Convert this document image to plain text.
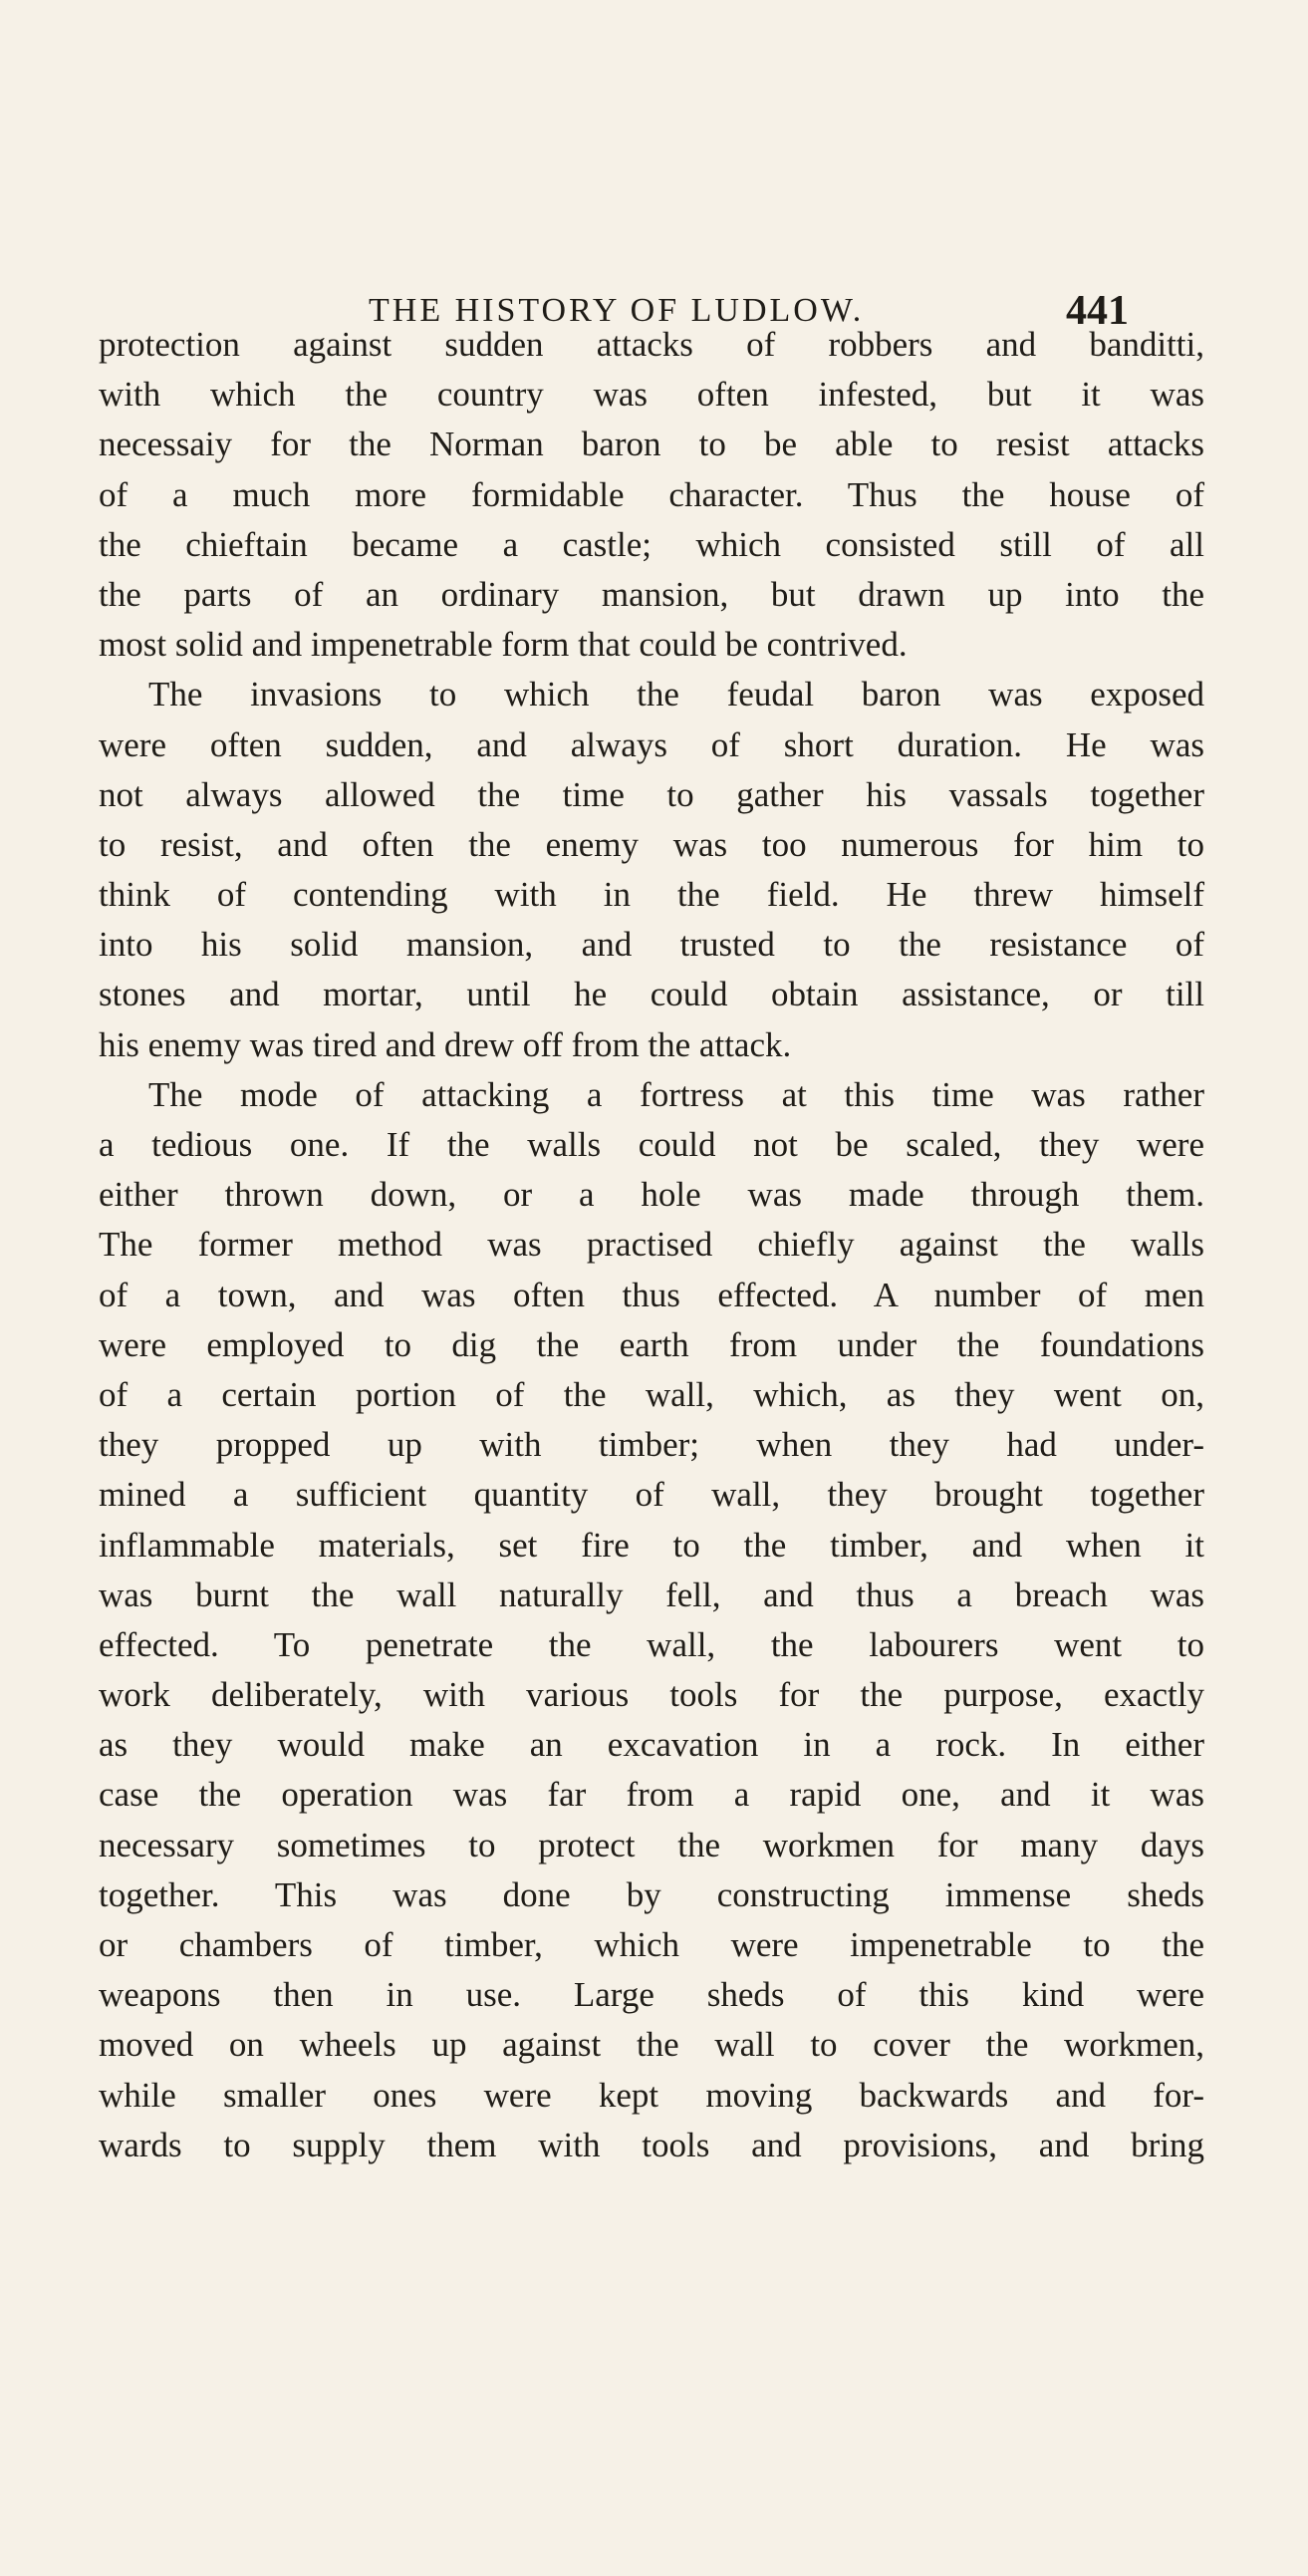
THE HISTORY OF LUDLOW.	441
protection against sudden attacks of robbers and banditti,
with which the country was often infested, but it was
necessaiy for the Norman baron to be able to resist attacks
of a much more formidable character. Thus the house of
the chieftain became a castle; which consisted still of all
the parts of an ordinary mansion, but drawn up into the
most solid and impenetrable form that could be contrived.
The invasions to which the feudal baron was exposed
were often sudden, and always of short duration. He was
not always allowed the time to gather his vassals together
to resist, and often the enemy was too numerous for him to
think of contending with in the field. He threw himself
into his solid mansion, and trusted to the resistance of
stones and mortar, until he could obtain assistance, or till
his enemy was tired and drew off from the attack.
The mode of attacking a fortress at this time was rather
a tedious one. If the walls could not be scaled, they were
either thrown down, or a hole was made through them.
The former method was practised chiefly against the walls
of a town, and was often thus effected. A number of men
were employed to dig the earth from under the foundations
of a certain portion of the wall, which, as they went on,
they propped up with timber; when they had under-
mined a sufficient quantity of wall, they brought together
inflammable materials, set fire to the timber, and when it
was burnt the wall naturally fell, and thus a breach was
effected. To penetrate the wall, the labourers went to
work deliberately, with various tools for the purpose, exactly
as they would make an excavation in a rock. In either
case the operation was far from a rapid one, and it was
necessary sometimes to protect the workmen for many days
together. This was done by constructing immense sheds
or chambers of timber, which were impenetrable to the
weapons then in use. Large sheds of this kind were
moved on wheels up against the wall to cover the workmen,
while smaller ones were kept moving backwards and for-
wards to supply them with tools and provisions, and bring
